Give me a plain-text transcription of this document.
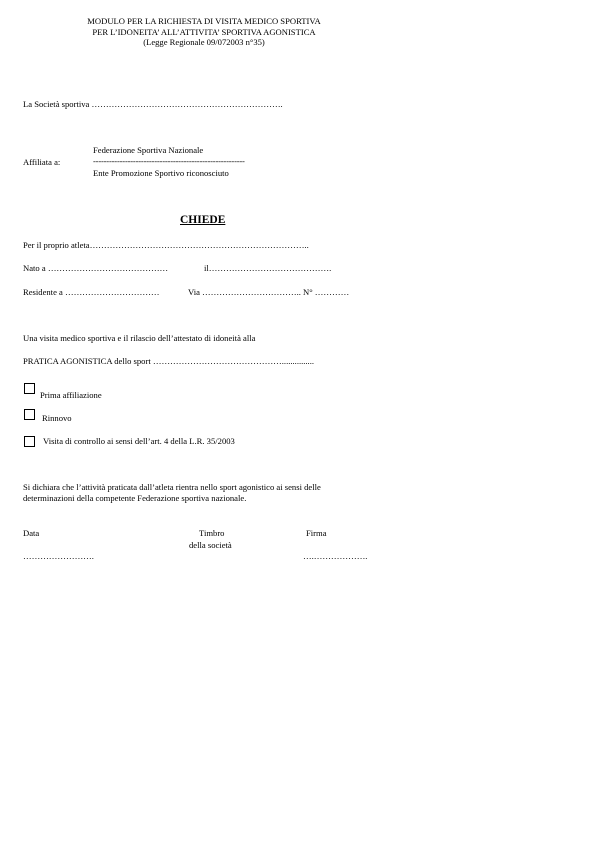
MODULO PER LA RICHIESTA DI VISITA MEDICO SPORTIVA
PER L’IDONEITA’ ALL’ATTIVITA’ SPORTIVA AGONISTICA
(Legge Regionale 09/072003 n°35)
La Società sportiva ………………………………………………………….
Affiliata a:
Federazione Sportiva Nazionale
---------------------------------------------------------
Ente Promozione Sportivo riconosciuto
CHIEDE
Per il proprio atleta…………………………………………………………………..
Nato a ……………………………………	il…………………………………….
Residente a ……………………………	Via …………………………….. N° …………
Una visita medico sportiva e il rilascio dell’attestato di idoneità alla
PRATICA AGONISTICA dello sport ………………………………………...............
Prima affiliazione
Rinnovo
Visita di controllo ai sensi dell’art. 4 della L.R. 35/2003
Si dichiara che l’attività praticata dall’atleta rientra nello sport agonistico ai sensi delle
determinazioni della competente Federazione sportiva nazionale.
Data
…………………….
Timbro
della società
Firma
….……………….
